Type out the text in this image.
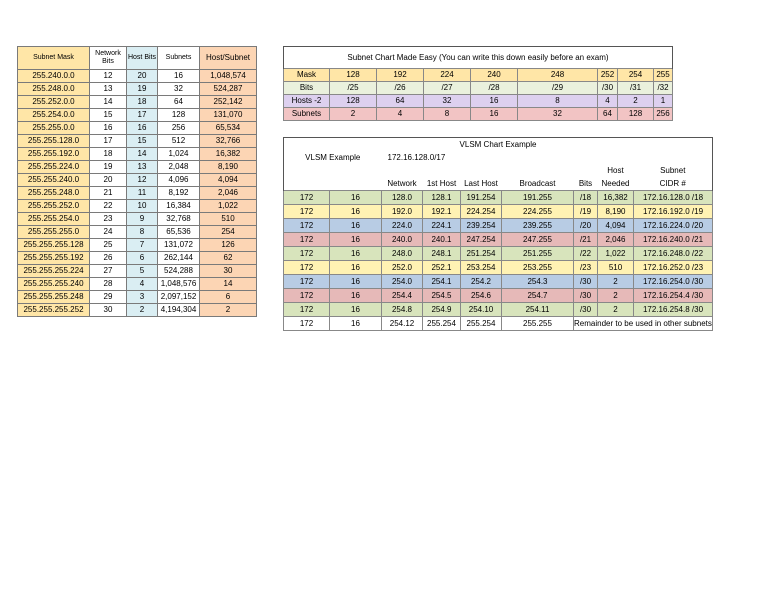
Subnet Mask	Network Bits	Host Bits	Subnets	Host/Subnet
255.240.0.0	12	20	16	1,048,574
255.248.0.0	13	19	32	524,287
255.252.0.0	14	18	64	252,142
255.254.0.0	15	17	128	131,070
255.255.0.0	16	16	256	65,534
255.255.128.0	17	15	512	32,766
255.255.192.0	18	14	1,024	16,382
255.255.224.0	19	13	2,048	8,190
255.255.240.0	20	12	4,096	4,094
255.255.248.0	21	11	8,192	2,046
255.255.252.0	22	10	16,384	1,022
255.255.254.0	23	9	32,768	510
255.255.255.0	24	8	65,536	254
255.255.255.128	25	7	131,072	126
255.255.255.192	26	6	262,144	62
255.255.255.224	27	5	524,288	30
255.255.255.240	28	4	1,048,576	14
255.255.255.248	29	3	2,097,152	6
255.255.255.252	30	2	4,194,304	2
Subnet Chart Made Easy (You can write this down easily before an exam)								
Mask	128	192	224	240	248	252	254	255
Bits	/25	/26	/27	/28	/29	/30	/31	/32
Hosts -2	128	64	32	16	8	4	2	1
Subnets	2	4	8	16	32	64	128	256
VLSM Chart Example								
VLSM Example		172.16.128.0/17						
							Host	Subnet
		Network	1st Host	Last Host	Broadcast	Bits	Needed	CIDR #
172	16	128.0	128.1	191.254	191.255	/18	16,382	172.16.128.0 /18
172	16	192.0	192.1	224.254	224.255	/19	8,190	172.16.192.0 /19
172	16	224.0	224.1	239.254	239.255	/20	4,094	172.16.224.0 /20
172	16	240.0	240.1	247.254	247.255	/21	2,046	172.16.240.0 /21
172	16	248.0	248.1	251.254	251.255	/22	1,022	172.16.248.0 /22
172	16	252.0	252.1	253.254	253.255	/23	510	172.16.252.0 /23
172	16	254.0	254.1	254.2	254.3	/30	2	172.16.254.0 /30
172	16	254.4	254.5	254.6	254.7	/30	2	172.16.254.4 /30
172	16	254.8	254.9	254.10	254.11	/30	2	172.16.254.8 /30
172	16	254.12	255.254	255.254	255.255	Remainder to be used in other subnets		
